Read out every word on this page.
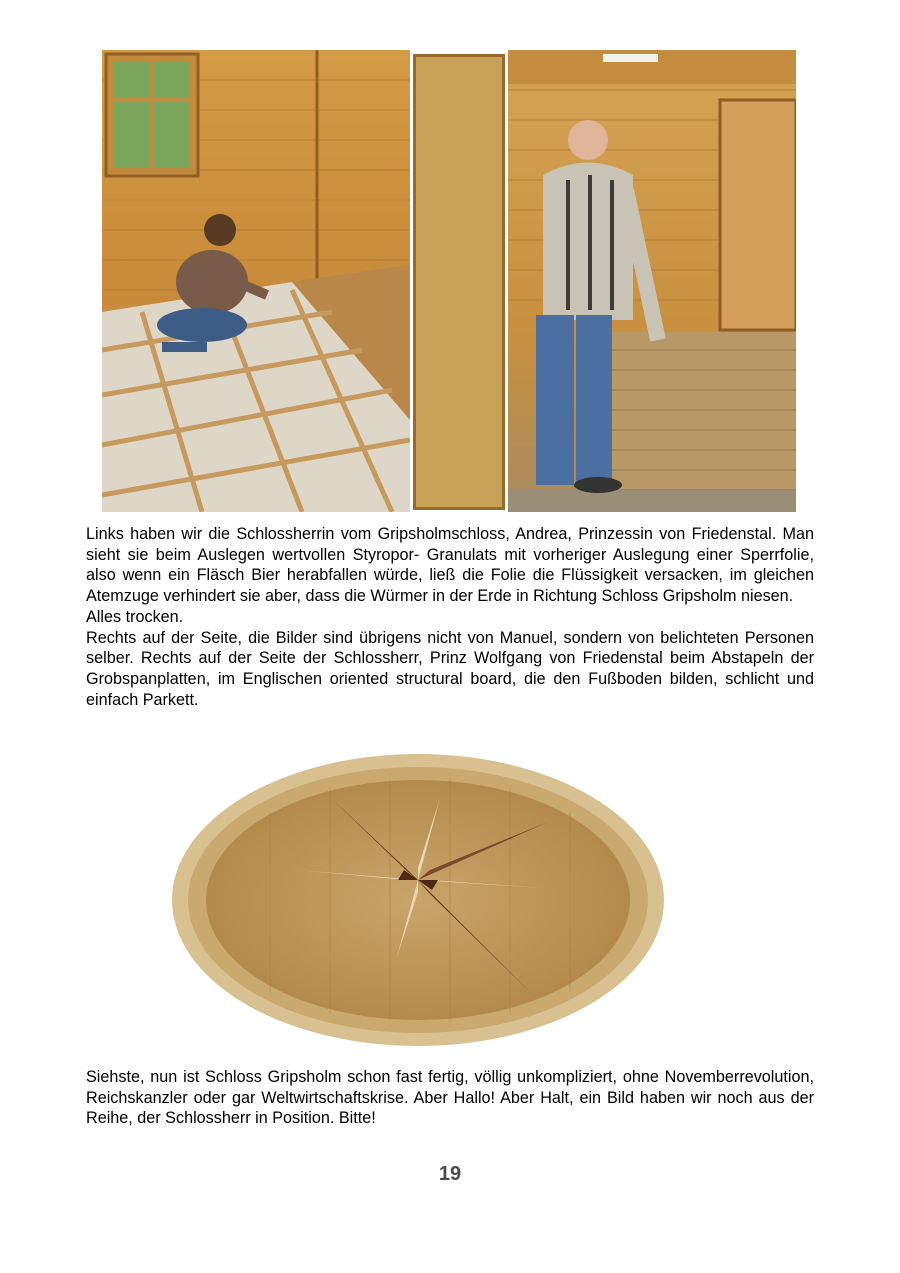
Links haben wir die Schlossherrin vom Gripsholmschloss, Andrea, Prinzessin von Friedenstal. Man sieht sie beim Auslegen wertvollen Styropor- Granulats mit vorheriger Auslegung einer Sperrfolie, also wenn ein Fläsch Bier herabfallen würde, ließ die Folie die Flüssigkeit versacken, im gleichen Atemzuge verhindert sie aber, dass die Würmer in der Erde in Richtung Schloss Gripsholm niesen.

Alles trocken.

Rechts auf der Seite, die Bilder sind übrigens nicht von Manuel, sondern von belichteten Personen selber. Rechts auf der Seite der Schlossherr, Prinz Wolfgang von Friedenstal beim Abstapeln der Grobspanplatten, im Englischen oriented structural board, die den Fußboden bilden, schlicht und einfach Parkett.

Siehste, nun ist Schloss Gripsholm schon fast fertig, völlig unkompliziert, ohne Novemberrevolution, Reichskanzler oder gar Weltwirtschaftskrise. Aber Hallo! Aber Halt, ein Bild haben wir noch aus der Reihe, der Schlossherr in Position. Bitte!

19
